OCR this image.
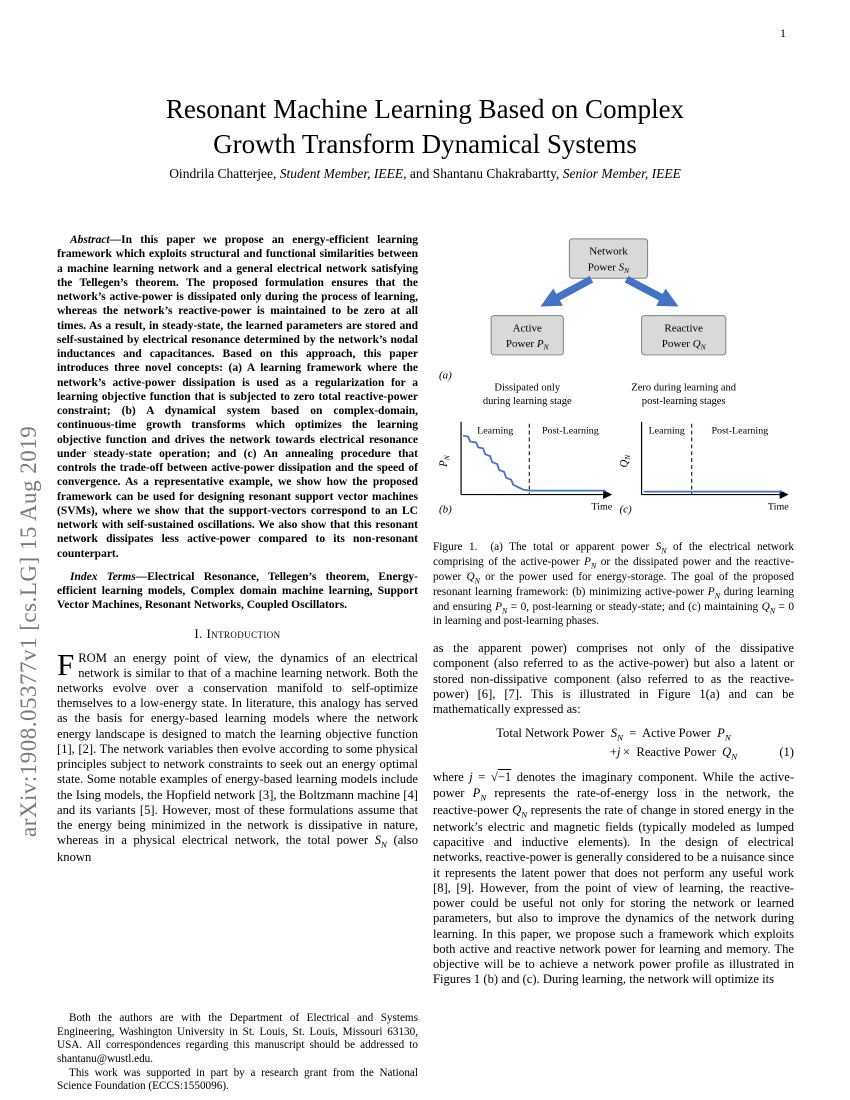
1
arXiv:1908.05377v1 [cs.LG] 15 Aug 2019
Resonant Machine Learning Based on Complex
Growth Transform Dynamical Systems
Oindrila Chatterjee, Student Member, IEEE, and Shantanu Chakrabartty, Senior Member, IEEE

Abstract—In this paper we propose an energy-efficient learning framework which exploits structural and functional similarities between a machine learning network and a general electrical network satisfying the Tellegen’s theorem. The proposed formulation ensures that the network’s active-power is dissipated only during the process of learning, whereas the network’s reactive-power is maintained to be zero at all times. As a result, in steady-state, the learned parameters are stored and self-sustained by electrical resonance determined by the network’s nodal inductances and capacitances. Based on this approach, this paper introduces three novel concepts: (a) A learning framework where the network’s active-power dissipation is used as a regularization for a learning objective function that is subjected to zero total reactive-power constraint; (b) A dynamical system based on complex-domain, continuous-time growth transforms which optimizes the learning objective function and drives the network towards electrical resonance under steady-state operation; and (c) An annealing procedure that controls the trade-off between active-power dissipation and the speed of convergence. As a representative example, we show how the proposed framework can be used for designing resonant support vector machines (SVMs), where we show that the support-vectors correspond to an LC network with self-sustained oscillations. We also show that this resonant network dissipates less active-power compared to its non-resonant counterpart.

Index Terms—Electrical Resonance, Tellegen’s theorem, Energy-efficient learning models, Complex domain machine learning, Support Vector Machines, Resonant Networks, Coupled Oscillators.

I. Introduction

FROM an energy point of view, the dynamics of an electrical network is similar to that of a machine learning network. Both the networks evolve over a conservation manifold to self-optimize themselves to a low-energy state. In literature, this analogy has served as the basis for energy-based learning models where the network energy landscape is designed to match the learning objective function [1], [2]. The network variables then evolve according to some physical principles subject to network constraints to seek out an energy optimal state. Some notable examples of energy-based learning models include the Ising models, the Hopfield network [3], the Boltzmann machine [4] and its variants [5]. However, most of these formulations assume that the energy being minimized in the network is dissipative in nature, whereas in a physical electrical network, the total power $S_N$ (also known

Network
Power $S_N$
Active
Power $P_N$
Reactive
Power $Q_N$
(a)
Dissipated only
during learning stage
Zero during learning and
post-learning stages
$P_N$
Learning	Post-Learning
Time
(b)
$Q_N$
Learning	Post-Learning
Time
(c)
Figure 1.  (a) The total or apparent power $S_N$ of the electrical network comprising of the active-power $P_N$ or the dissipated power and the reactive-power $Q_N$ or the power used for energy-storage. The goal of the proposed resonant learning framework: (b) minimizing active-power $P_N$ during learning and ensuring $P_N = 0$, post-learning or steady-state; and (c) maintaining $Q_N = 0$ in learning and post-learning phases.

as the apparent power) comprises not only of the dissipative component (also referred to as the active-power) but also a latent or stored non-dissipative component (also referred to as the reactive-power) [6], [7]. This is illustrated in Figure 1(a) and can be mathematically expressed as:

Total Network Power  $S_N$  =  Active Power  $P_N$
+j ×  Reactive Power  $Q_N$	(1)

where j = √−1 denotes the imaginary component. While the active-power $P_N$ represents the rate-of-energy loss in the network, the reactive-power $Q_N$ represents the rate of change in stored energy in the network’s electric and magnetic fields (typically modeled as lumped capacitive and inductive elements). In the design of electrical networks, reactive-power is generally considered to be a nuisance since it represents the latent power that does not perform any useful work [8], [9]. However, from the point of view of learning, the reactive-power could be useful not only for storing the network or learned parameters, but also to improve the dynamics of the network during learning. In this paper, we propose such a framework which exploits both active and reactive network power for learning and memory. The objective will be to achieve a network power profile as illustrated in Figures 1 (b) and (c). During learning, the network will optimize its

Both the authors are with the Department of Electrical and Systems Engineering, Washington University in St. Louis, St. Louis, Missouri 63130, USA. All correspondences regarding this manuscript should be addressed to shantanu@wustl.edu.

This work was supported in part by a research grant from the National Science Foundation (ECCS:1550096).
